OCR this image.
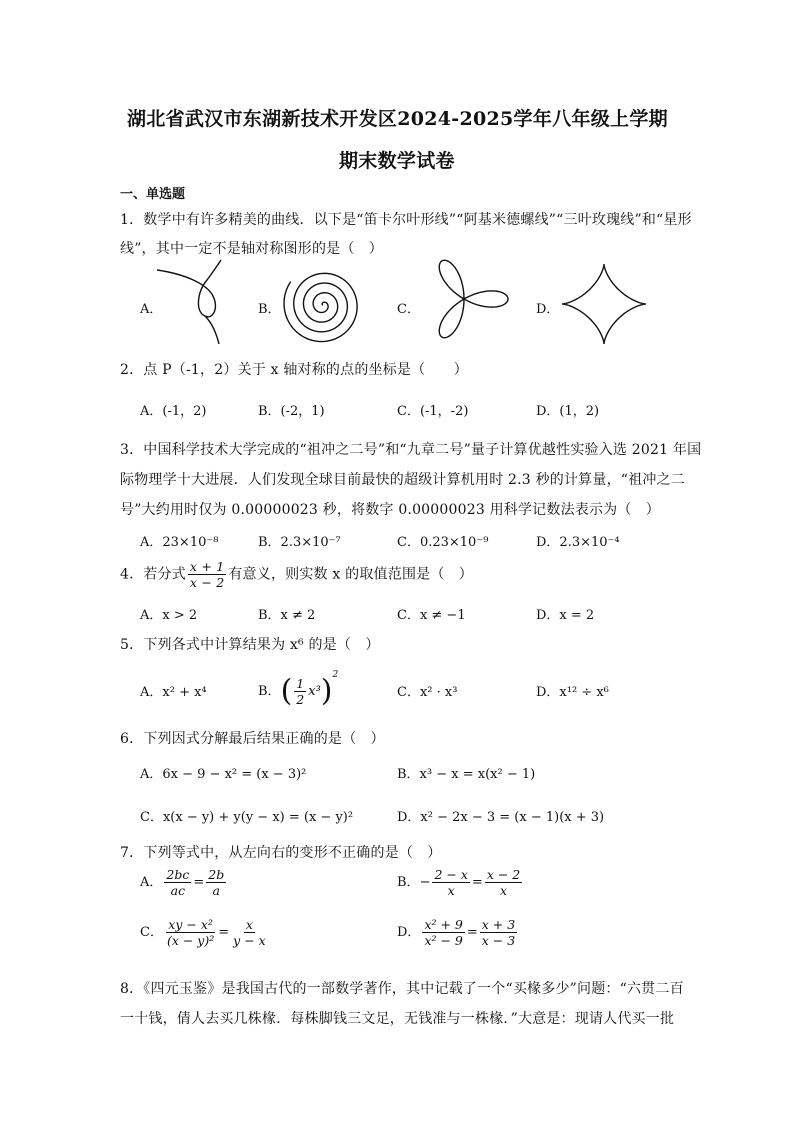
湖北省武汉市东湖新技术开发区2024-2025学年八年级上学期
期末数学试卷
一、单选题
1．数学中有许多精美的曲线．以下是“笛卡尔叶形线”“阿基米德螺线”“三叶玫瑰线”和“星形
线”，其中一定不是轴对称图形的是（　）
A．	B．	C．	D．
2．点 P（-1，2）关于 x 轴对称的点的坐标是（　　）
A．(-1，2)	B．(-2，1)	C．(-1，-2)	D．(1，2)
3．中国科学技术大学完成的“祖冲之二号”和“九章二号”量子计算优越性实验入选 2021 年国
际物理学十大进展．人们发现全球目前最快的超级计算机用时 2.3 秒的计算量，“祖冲之二
号”大约用时仅为 0.00000023 秒，将数字 0.00000023 用科学记数法表示为（　）
A．23×10⁻⁸	B．2.3×10⁻⁷	C．0.23×10⁻⁹	D．2.3×10⁻⁴
4．若分式 $\frac{x + 1}{x - 2}$ 有意义，则实数 x 的取值范围是（　）
A．x > 2	B．x ≠ 2	C．x ≠ −1	D．x = 2
5．下列各式中计算结果为 x⁶ 的是（　）
A．x² + x⁴	B．( $\frac{1}{2} x^3)^2$
C．x² · x³	D．x¹² ÷ x⁶
6．下列因式分解最后结果正确的是（　）
A．6x − 9 − x² = (x − 3)²	B．x³ − x = x(x² − 1)
C．x(x − y) + y(y − x) = (x − y)²	D．x² − 2x − 3 = (x − 1)(x + 3)
7．下列等式中，从左向右的变形不正确的是（　）
A． $\frac{2bc}{ac} = \frac{2b}{a}$	B．− $\frac{2 - x}{x} = \frac{x - 2}{x}$
C． $\frac{\text{xy − x²}}{\text{(x − y)²}} = \frac{x}{y - x}$	D． $\frac{\text{x² + 9}}{\text{x² − 9}} = \frac{x + 3}{x - 3}$
8．《四元玉鉴》是我国古代的一部数学著作，其中记载了一个“买椽多少”问题：“六贯二百
一十钱，倩人去买几株椽．每株脚钱三文足，无钱准与一株椽．”大意是：现请人代买一批
